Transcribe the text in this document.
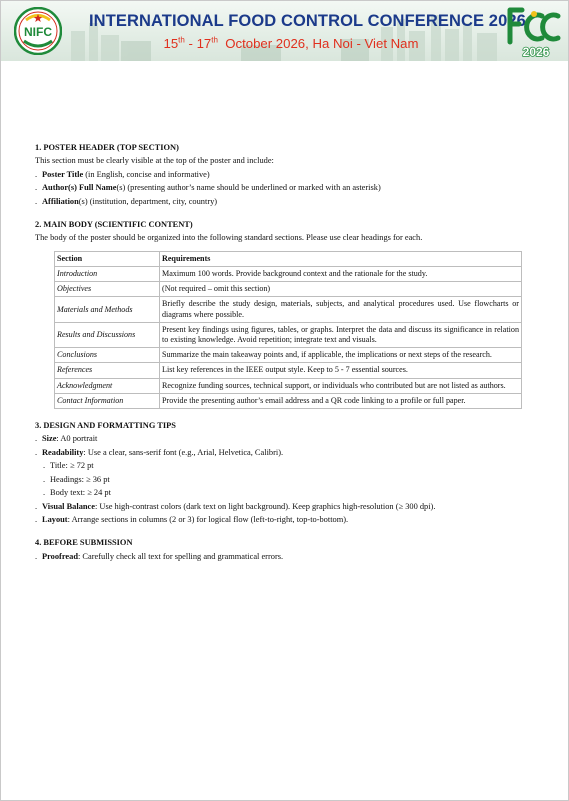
NIFC
INTERNATIONAL FOOD CONTROL CONFERENCE 2026
15th - 17th  October 2026, Ha Noi - Viet Nam
2026
1. POSTER HEADER (TOP SECTION)
This section must be clearly visible at the top of the poster and include:
. Poster Title (in English, concise and informative)
. Author(s) Full Name(s) (presenting author’s name should be underlined or marked with an asterisk)
. Affiliation(s) (institution, department, city, country)
2. MAIN BODY (SCIENTIFIC CONTENT)
The body of the poster should be organized into the following standard sections. Please use clear headings for each.
Section	Requirements
Introduction	Maximum 100 words. Provide background context and the rationale for the study.
Objectives	(Not required – omit this section)
Materials and Methods	Briefly describe the study design, materials, subjects, and analytical procedures used. Use flowcharts or diagrams where possible.
Results and Discussions	Present key findings using figures, tables, or graphs. Interpret the data and discuss its significance in relation to existing knowledge. Avoid repetition; integrate text and visuals.
Conclusions	Summarize the main takeaway points and, if applicable, the implications or next steps of the research.
References	List key references in the IEEE output style. Keep to 5 - 7 essential sources.
Acknowledgment	Recognize funding sources, technical support, or individuals who contributed but are not listed as authors.
Contact Information	Provide the presenting author’s email address and a QR code linking to a profile or full paper.
3. DESIGN AND FORMATTING TIPS
. Size: A0 portrait
. Readability: Use a clear, sans-serif font (e.g., Arial, Helvetica, Calibri).
. Title: ≥ 72 pt
. Headings: ≥ 36 pt
. Body text: ≥ 24 pt
. Visual Balance: Use high-contrast colors (dark text on light background). Keep graphics high-resolution (≥ 300 dpi).
. Layout: Arrange sections in columns (2 or 3) for logical flow (left-to-right, top-to-bottom).
4. BEFORE SUBMISSION
. Proofread: Carefully check all text for spelling and grammatical errors.
